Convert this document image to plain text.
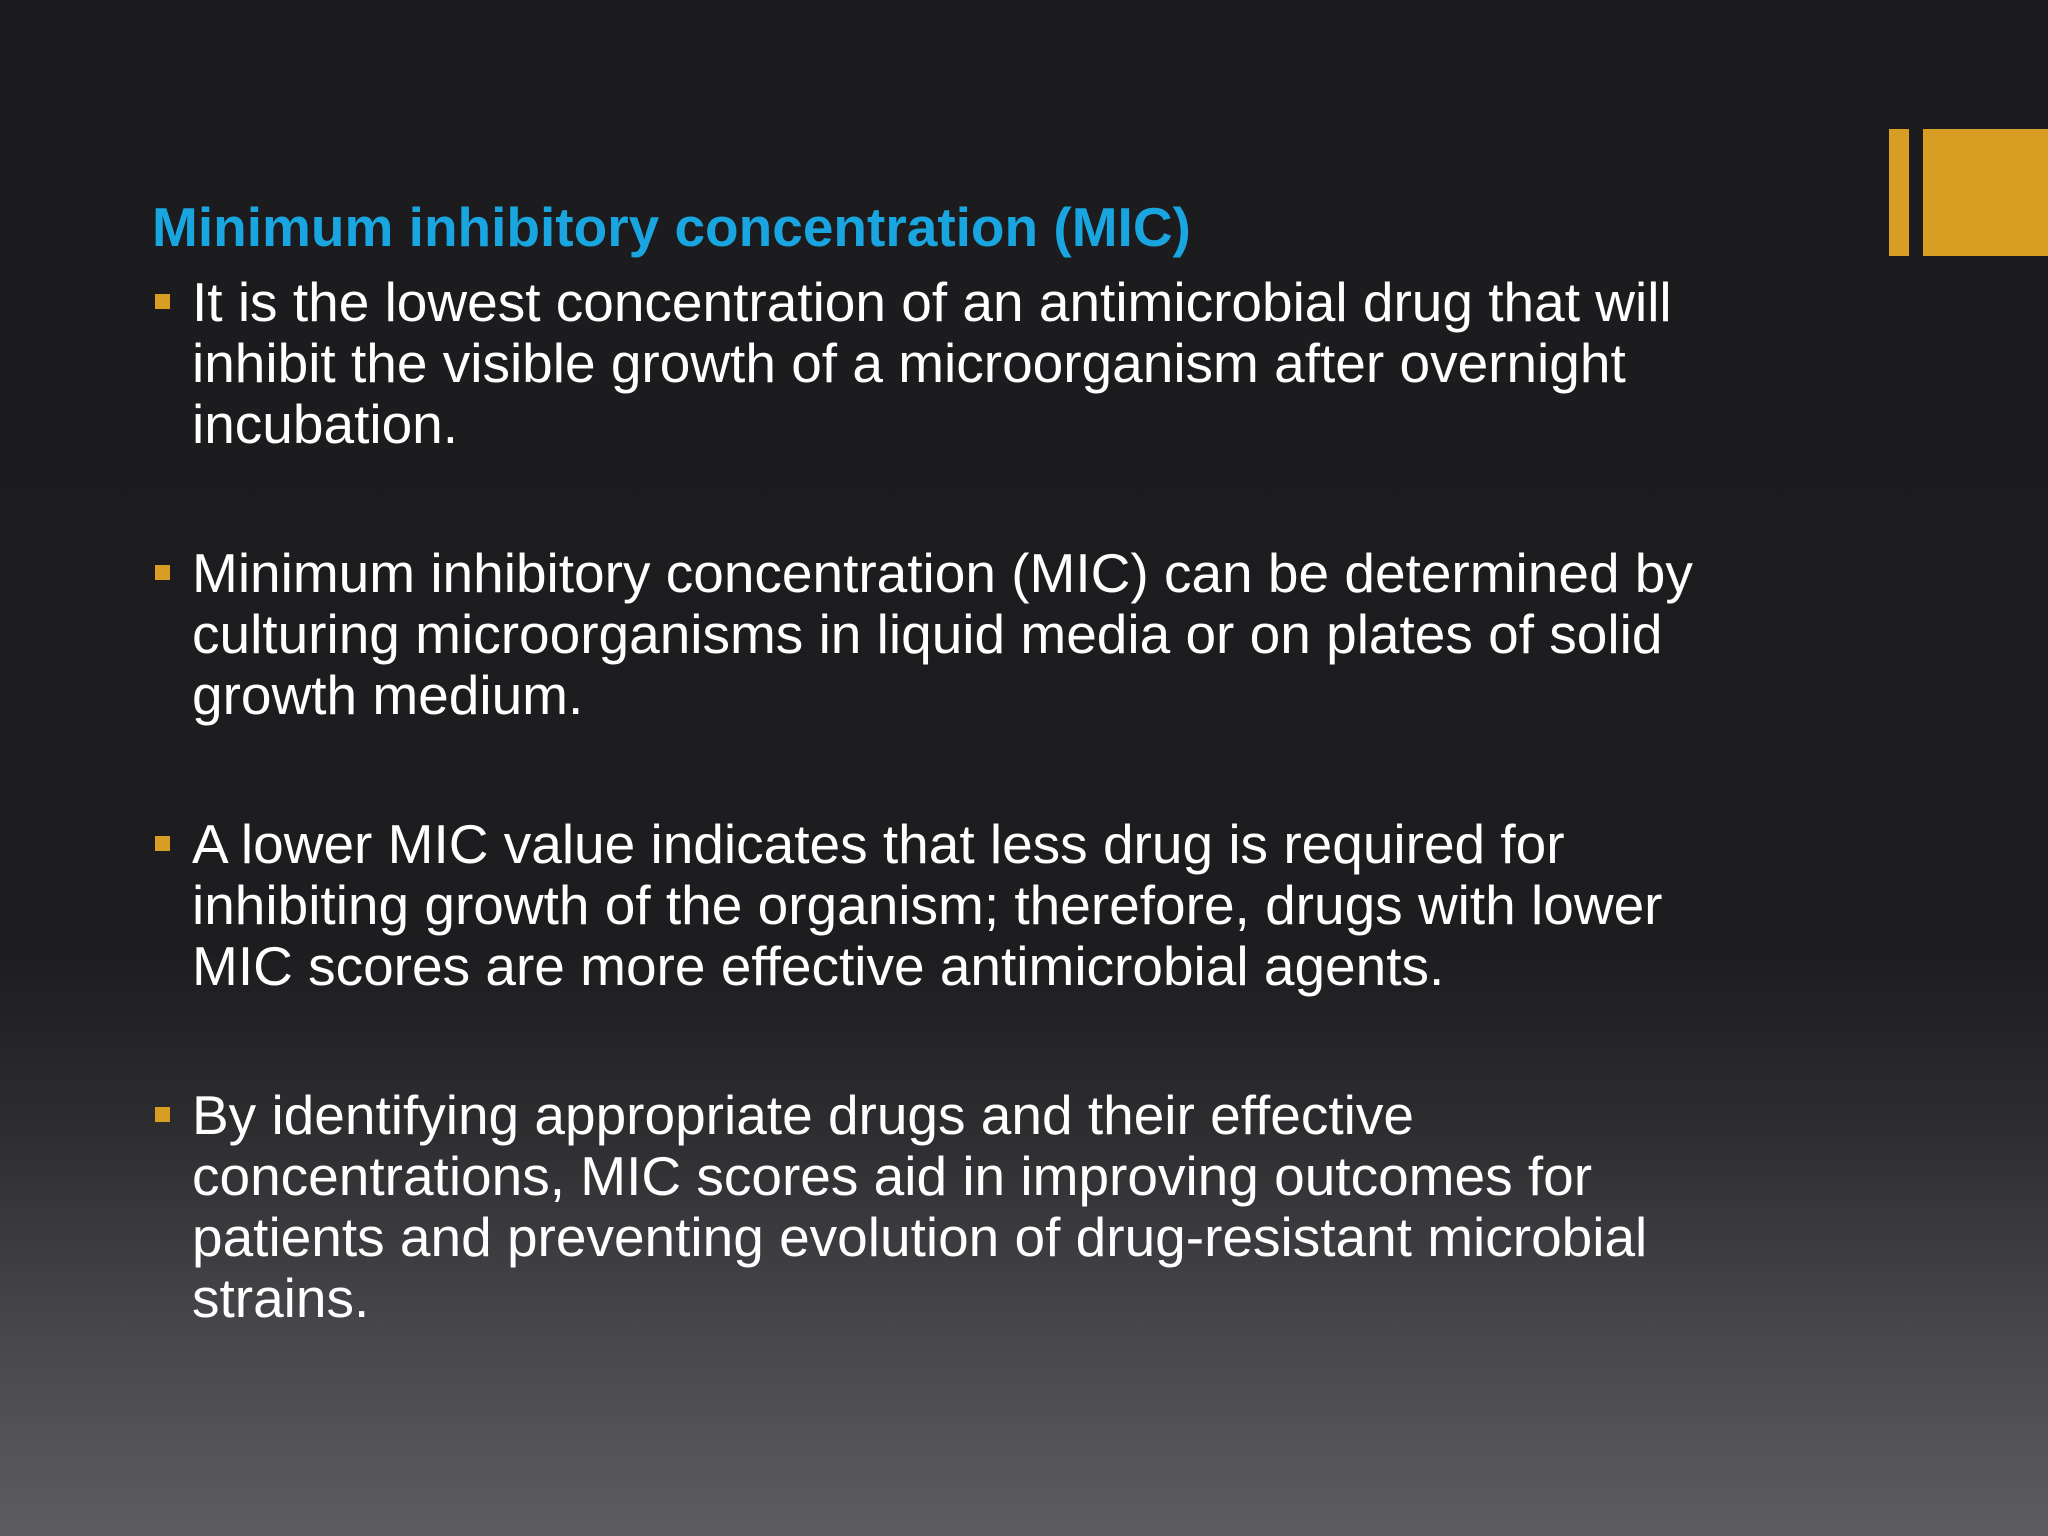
Minimum inhibitory concentration (MIC)
It is the lowest concentration of an antimicrobial drug that will inhibit the visible growth of a microorganism after overnight incubation.
Minimum inhibitory concentration (MIC) can be determined by culturing microorganisms in liquid media or on plates of solid growth medium.
A lower MIC value indicates that less drug is required for inhibiting growth of the organism; therefore, drugs with lower MIC scores are more effective antimicrobial agents.
By identifying appropriate drugs and their effective concentrations, MIC scores aid in improving outcomes for patients and preventing evolution of drug-resistant microbial strains.
